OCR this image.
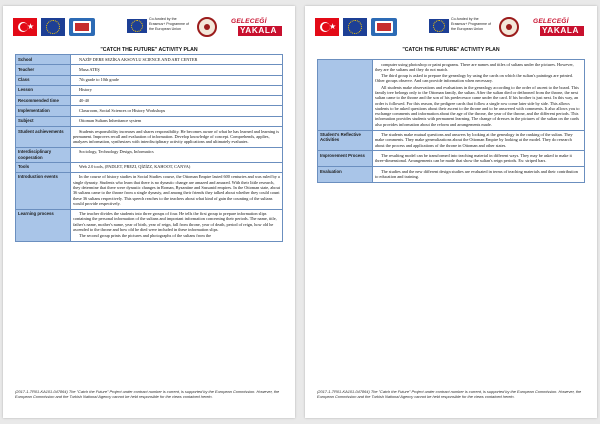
★
Co-funded by the Erasmus+ Programme of the European Union
GELECEĞİ
YAKALA
"CATCH THE FUTURE" ACTIVITY PLAN
School	NAZİF DERE SEZİKA AKSOYLU SCIENCE AND ART CENTER

Teacher	Musa ATEŞ

Class	7th grade to 10th grade

Lesson	History

Recommended time	40-40

Implementation	Classroom, Social Sciences or History Workshops

Subject	Ottoman Sultans Inheritance system

Student achievements	Students responsibility increases and shares responsibility. He becomes aware of what he has learned and learning is permanent. Improves recall and evaluation of information. Develop knowledge of concept. Comprehends, applies, analyzes information, synthesizes with interdisciplinary activity applications and ultimately evaluates.

Interdisciplinary cooperation	Sociology, Technology Design, Informatics

Tools	Web 2.0 tools, (PADLET, PREZI, QİZİZZ, KAHOOT, CANVA)

Introduction events	In the course of history studies in Social Studies course, the Ottoman Empire lasted 600 centuries and was ruled by a single dynasty. Students who learn that there is no dynastic change are amazed and amazed. With their little research, they determine that there were dynastic changes in Roman, Byzantine and Sassanid empires. In the Ottoman state, about 36 sultans came to the throne from a single dynasty, and among their friends they talked about whether they could count these 36 sultans respectively. This speech reaches to the teachers about what kind of gain the counting of the sultans would provide respectively.

Learning process	The teacher divides the students into three groups of four. He tells the first group to prepare information slips containing the personal information of the sultans and important information concerning their periods. The name, title, father's name, mother's name, year of birth, year of reign, fall from throne, year of death, period of reign, how old he ascended to the throne and how old he died were included in these information slips.

The second group prints the pictures and photographs of the sultans from the

(2017-1-TR01-KA101-047864) The "Catch the Future" Project under contract number is current, is supported by the European Commission. However, the European Commission and the Turkish National Agency cannot be held responsible for the views contained herein.
★
Co-funded by the Erasmus+ Programme of the European Union
GELECEĞİ
YAKALA
"CATCH THE FUTURE" ACTIVITY PLAN

	computer using photoshop or paint programs. There are names and titles of sultans under the pictures. However, they are the sultans and they do not match.

The third group is asked to prepare the genealogy by using the cards on which the sultan's paintings are printed. Other groups observe. And can provide information when necessary.

All students make observations and evaluations in the genealogy according to the order of ascent to the board. This family tree belongs only to the Ottoman family, the sultan. After the sultan died or dethroned from the throne, the next sultan came to the throne and the son of his predecessor came under the card. If his brother is just next. In this way, an order is followed. For this reason, the pedigree cards that follow a single row come later side by side. This allows students to be asked questions about their ascent to the throne and to be answered with comments. It also allows you to exchange comments and information about the age of the throne, the year of the throne, and the different periods. This information provides students with permanent learning. The change of dresses in the pictures of the sultan on the cards also provides information about the reform and arrangements made.

Student's Reflective Activities	The students make mutual questions and answers by looking at the genealogy in the ranking of the sultan. They make comments. They make generalizations about the Ottoman Empire by looking at the model. They do research about the process and applications of the throne in Ottoman and other states.

Improvement Process	The resulting model can be transformed into teaching material in different ways. They may be asked to make it three-dimensional. Arrangements can be made that show the sultan's reign periods. Ex: striped bars.

Evaluation	The studies and the new different design studies are evaluated in terms of teaching materials and their contribution to education and training.

(2017-1-TR01-KA101-047864) The "Catch the Future" Project under contract number is current, is supported by the European Commission. However, the European Commission and the Turkish National Agency cannot be held responsible for the views contained herein.
